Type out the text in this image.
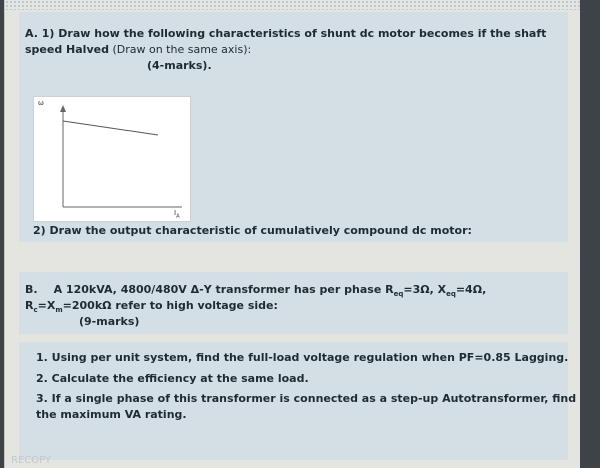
A. 1) Draw how the following characteristics of shunt dc motor becomes if the shaft
speed Halved (Draw on the same axis):
(4-marks).
ω
$I_A$
2) Draw the output characteristic of cumulatively compound dc motor:
B. A 120kVA, 4800/480V Δ-Y transformer has per phase $R_{eq}=3\Omega$, $X_{eq}=4\Omega$,
$R_c=X_m=200k\Omega$ refer to high voltage side:
(9-marks)
1. Using per unit system, find the full-load voltage regulation when PF=0.85 Lagging.
2. Calculate the efficiency at the same load.
3. If a single phase of this transformer is connected as a step-up Autotransformer, find
the maximum VA rating.
RECOPY
